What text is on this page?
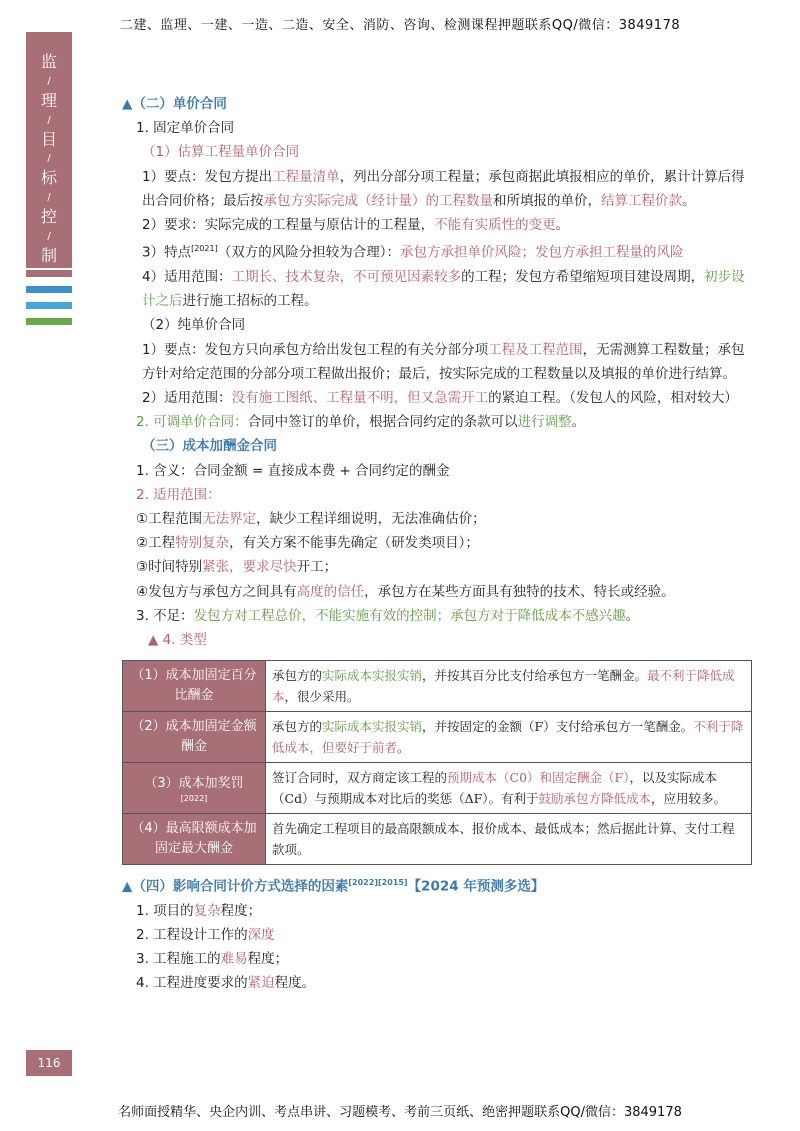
二建、监理、一建、一造、二造、安全、消防、咨询、检测课程押题联系QQ/微信：3849178
监
/
理
/
目
/
标
/
控
/
制
▲（二）单价合同
1. 固定单价合同
（1）估算工程量单价合同
1）要点：发包方提出工程量清单，列出分部分项工程量；承包商据此填报相应的单价，累计计算后得出合同价格；最后按承包方实际完成（经计量）的工程数量和所填报的单价，结算工程价款。
2）要求：实际完成的工程量与原估计的工程量，不能有实质性的变更。
3）特点[2021]（双方的风险分担较为合理）：承包方承担单价风险；发包方承担工程量的风险
4）适用范围：工期长、技术复杂，不可预见因素较多的工程；发包方希望缩短项目建设周期，初步设计之后进行施工招标的工程。
（2）纯单价合同
1）要点：发包方只向承包方给出发包工程的有关分部分项工程及工程范围，无需测算工程数量；承包方针对给定范围的分部分项工程做出报价；最后，按实际完成的工程数量以及填报的单价进行结算。
2）适用范围：没有施工图纸、工程量不明，但又急需开工的紧迫工程。（发包人的风险，相对较大）
2. 可调单价合同：合同中签订的单价，根据合同约定的条款可以进行调整。
（三）成本加酬金合同
1. 含义：合同金额 = 直接成本费 + 合同约定的酬金
2. 适用范围：
①工程范围无法界定，缺少工程详细说明，无法准确估价；
②工程特别复杂，有关方案不能事先确定（研发类项目）；
③时间特别紧张，要求尽快开工；
④发包方与承包方之间具有高度的信任，承包方在某些方面具有独特的技术、特长或经验。
3. 不足：发包方对工程总价，不能实施有效的控制；承包方对于降低成本不感兴趣。
▲ 4. 类型
（1）成本加固定百分比酬金	承包方的实际成本实报实销，并按其百分比支付给承包方一笔酬金。最不利于降低成本，很少采用。
（2）成本加固定金额酬金	承包方的实际成本实报实销，并按固定的金额（F）支付给承包方一笔酬金。不利于降低成本，但要好于前者。
（3）成本加奖罚
[2022]	签订合同时，双方商定该工程的预期成本（C0）和固定酬金（F），以及实际成本（Cd）与预期成本对比后的奖惩（ΔF）。有利于鼓励承包方降低成本，应用较多。
（4）最高限额成本加固定最大酬金	首先确定工程项目的最高限额成本、报价成本、最低成本；然后据此计算、支付工程款项。
▲（四）影响合同计价方式选择的因素[2022][2015]【2024 年预测多选】
1. 项目的复杂程度；
2. 工程设计工作的深度
3. 工程施工的难易程度；
4. 工程进度要求的紧迫程度。
116
名师面授精华、央企内训、考点串讲、习题模考、考前三页纸、绝密押题联系QQ/微信：3849178
